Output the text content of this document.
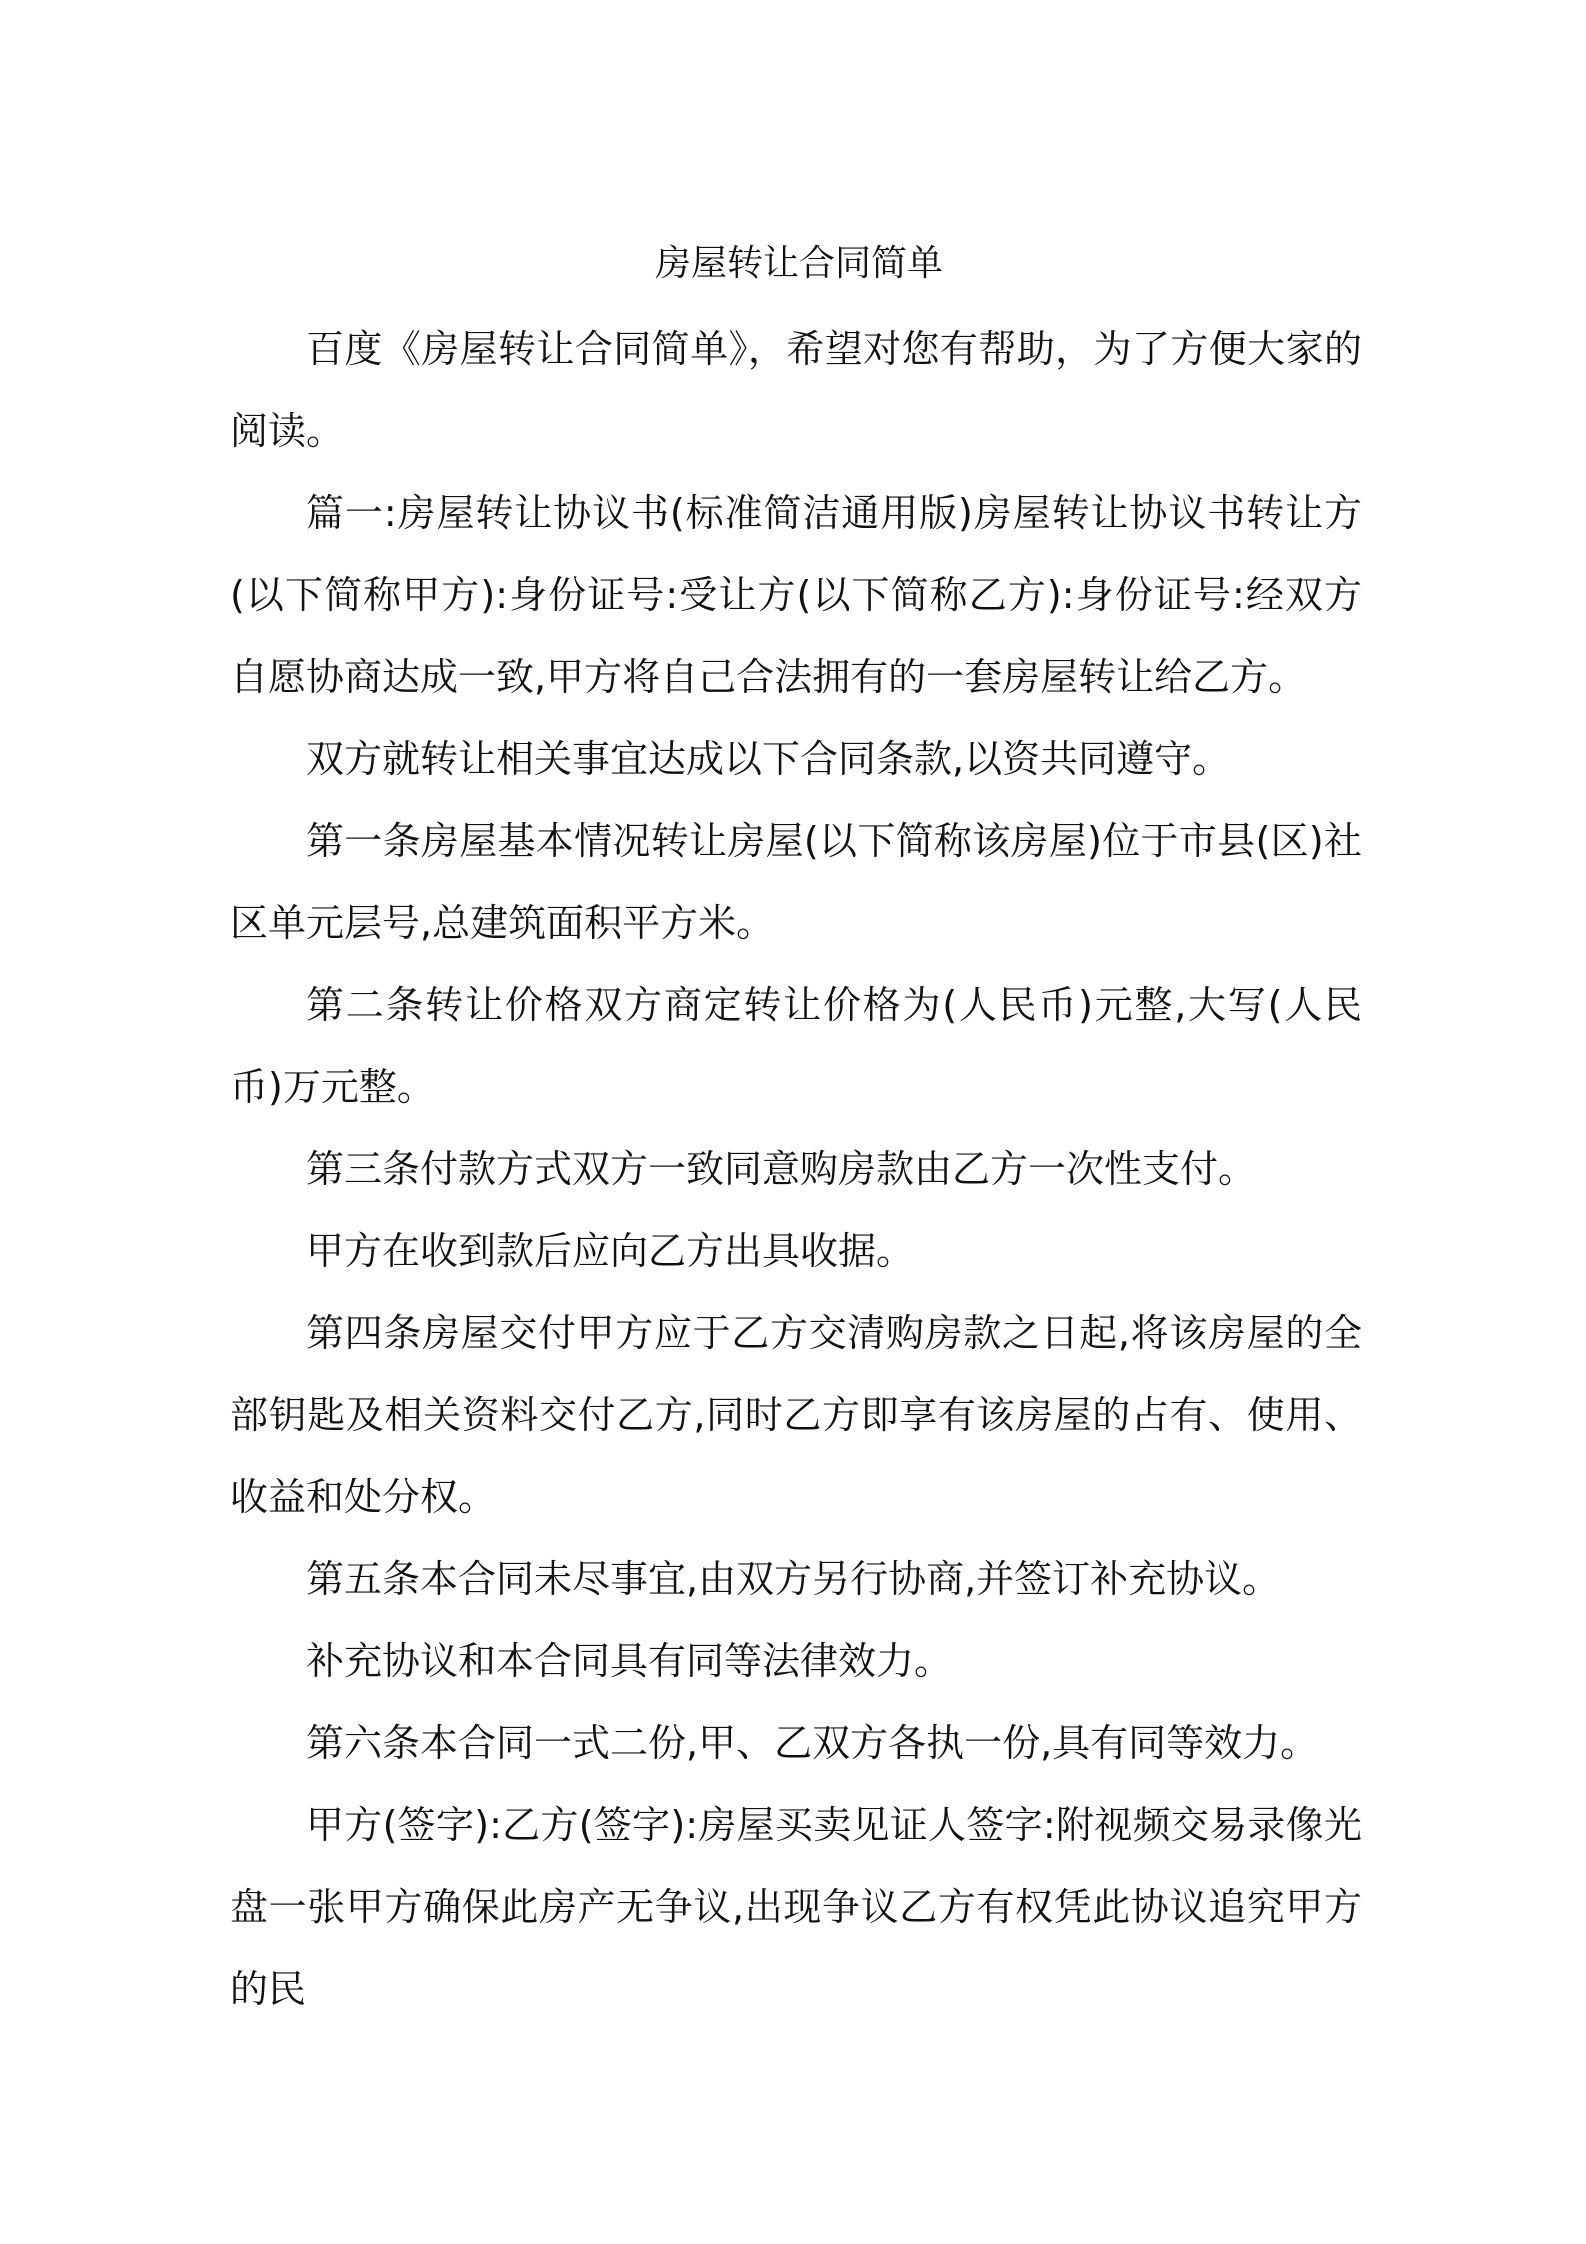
房屋转让合同简单

百度《房屋转让合同简单》，希望对您有帮助，为了方便大家的阅读。

篇一:房屋转让协议书(标准简洁通用版)房屋转让协议书转让方(以下简称甲方):身份证号:受让方(以下简称乙方):身份证号:经双方自愿协商达成一致,甲方将自己合法拥有的一套房屋转让给乙方。

双方就转让相关事宜达成以下合同条款,以资共同遵守。

第一条房屋基本情况转让房屋(以下简称该房屋)位于市县(区)社区单元层号,总建筑面积平方米。

第二条转让价格双方商定转让价格为(人民币)元整,大写(人民币)万元整。

第三条付款方式双方一致同意购房款由乙方一次性支付。

甲方在收到款后应向乙方出具收据。

第四条房屋交付甲方应于乙方交清购房款之日起,将该房屋的全部钥匙及相关资料交付乙方,同时乙方即享有该房屋的占有、使用、收益和处分权。

第五条本合同未尽事宜,由双方另行协商,并签订补充协议。

补充协议和本合同具有同等法律效力。

第六条本合同一式二份,甲、乙双方各执一份,具有同等效力。

甲方(签字):乙方(签字):房屋买卖见证人签字:附视频交易录像光盘一张甲方确保此房产无争议,出现争议乙方有权凭此协议追究甲方的民
